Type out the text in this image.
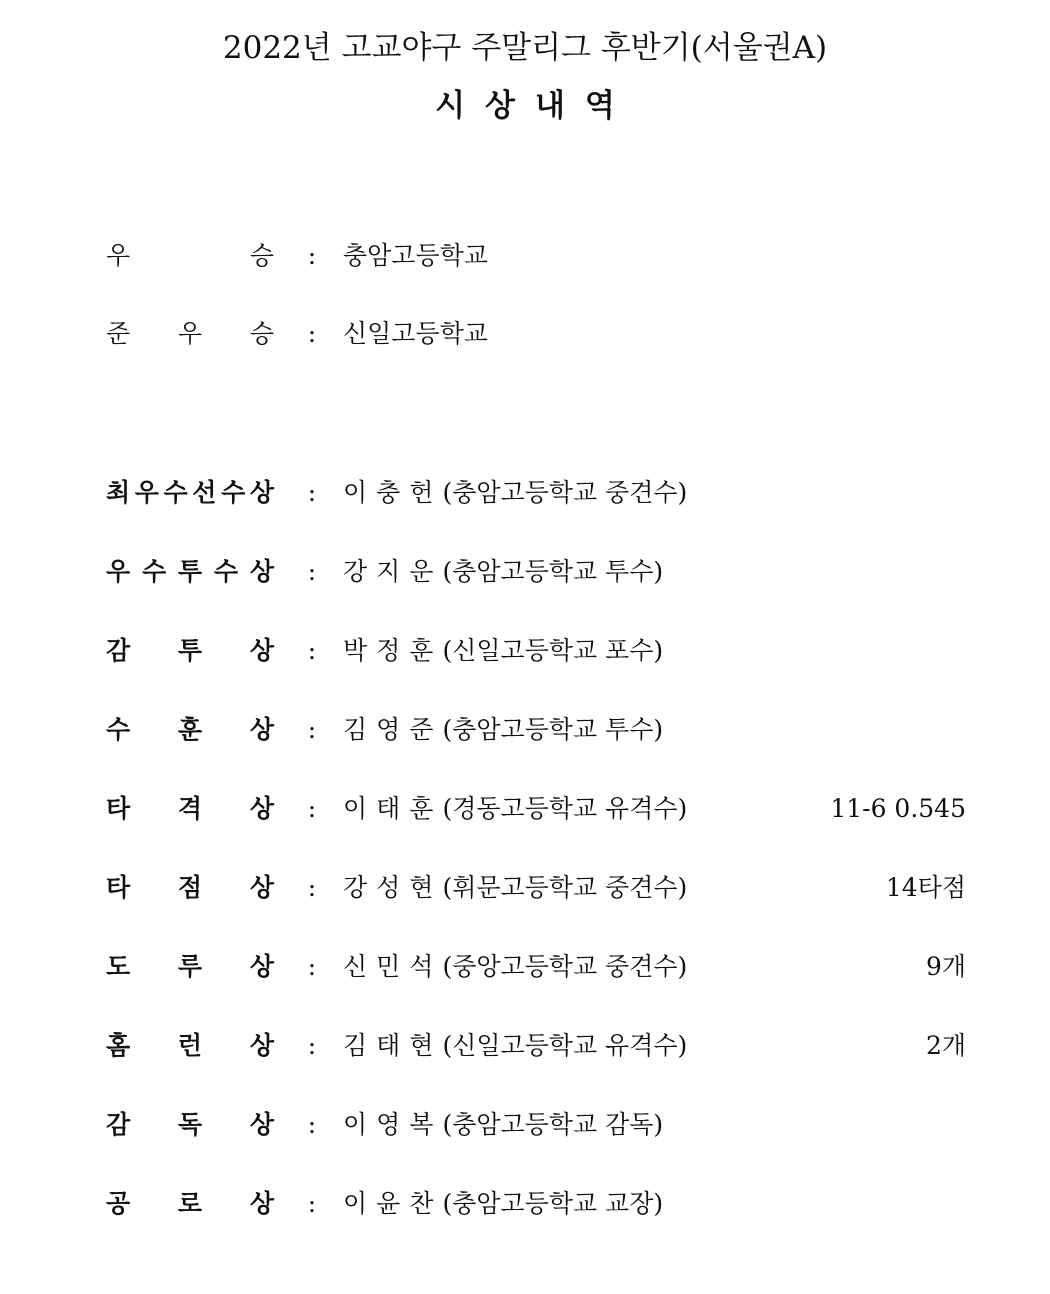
2022년 고교야구 주말리그 후반기(서울권A)
시상내역
우	승 : 충암고등학교
준 우 승 : 신일고등학교
최 우 수 선 수 상 : 이충헌(충암고등학교 중견수)
우 수 투 수 상 : 강지운(충암고등학교 투수)
감 투 상 : 박정훈(신일고등학교 포수)
수 훈 상 : 김영준(충암고등학교 투수)
타 격 상 : 이태훈(경동고등학교 유격수)	11-6 0.545
타 점 상 : 강성현(휘문고등학교 중견수)	14타점
도 루 상 : 신민석(중앙고등학교 중견수)	9개
홈 런 상 : 김태현(신일고등학교 유격수)	2개
감 독 상 : 이영복(충암고등학교 감독)
공 로 상 : 이윤찬(충암고등학교 교장)
